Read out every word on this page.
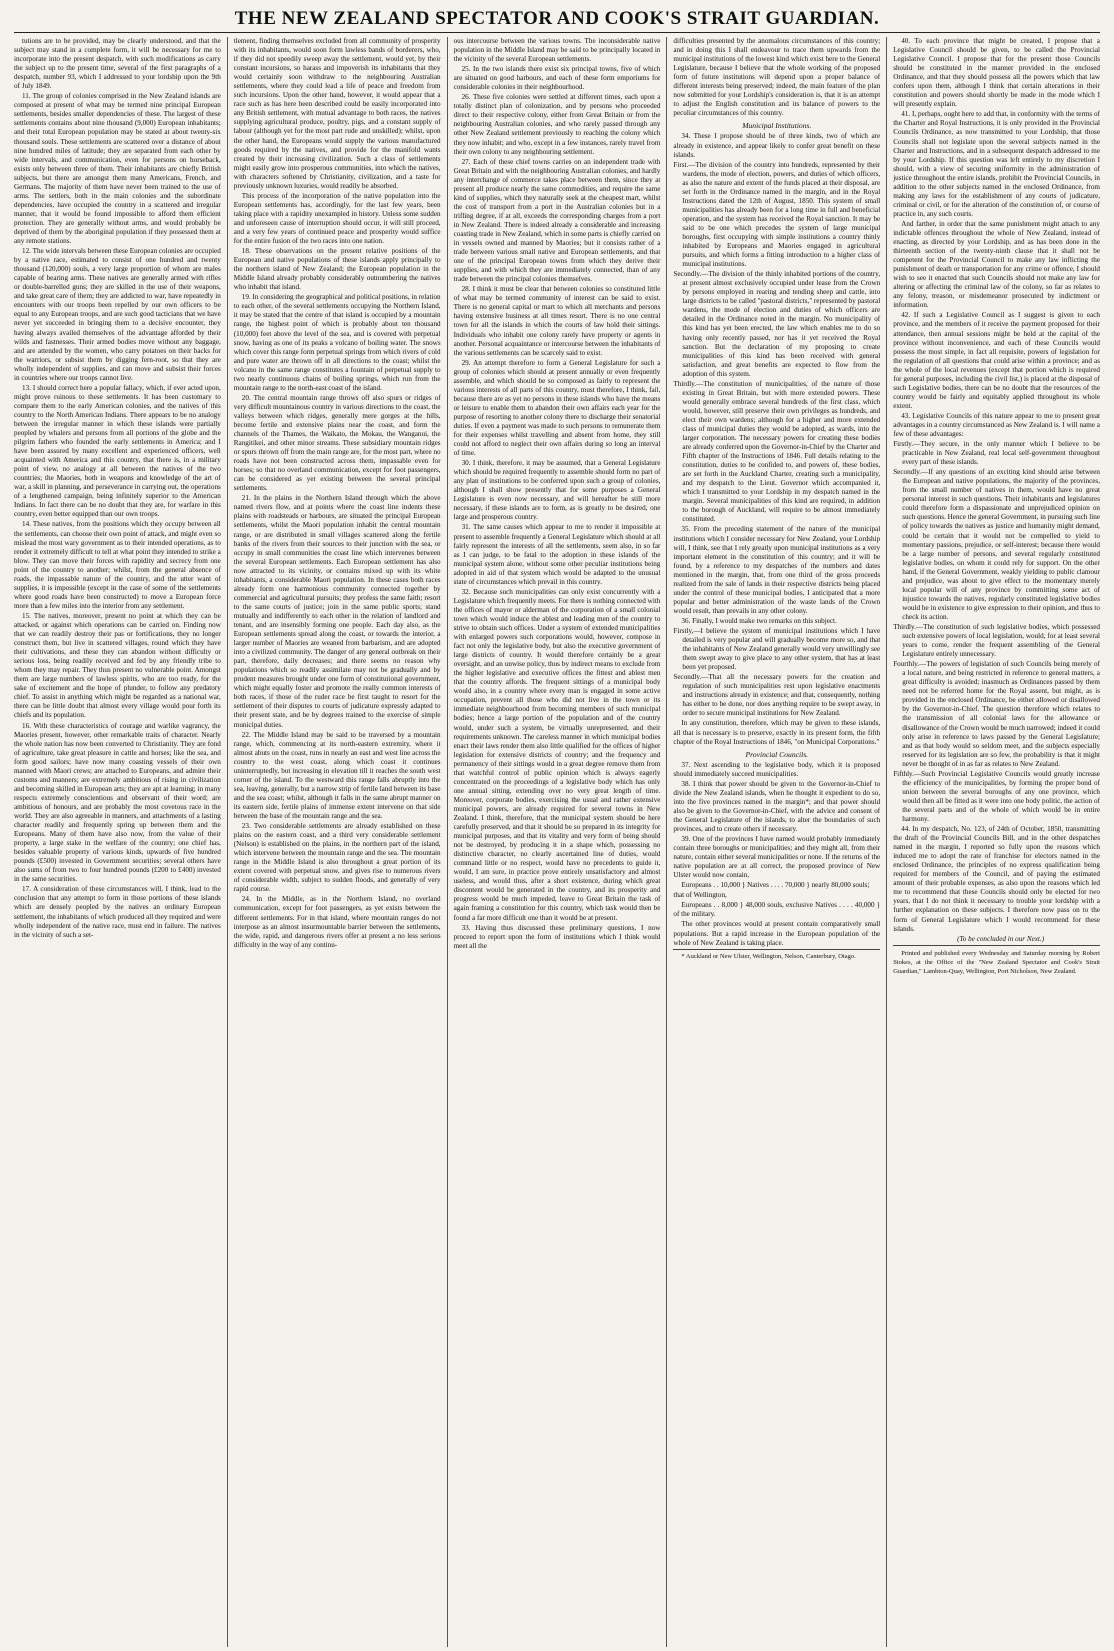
THE NEW ZEALAND SPECTATOR AND COOK'S STRAIT GUARDIAN.

tutions are to be provided, may be clearly understood, and that the subject may stand in a complete form, it will be necessary for me to incorporate into the present despatch, with such modifications as carry the subject up to the present time, several of the first paragraphs of a despatch, number 93, which I addressed to your lordship upon the 9th of July 1849.

11. The group of colonies comprised in the New Zealand islands are composed at present of what may be termed nine principal European settlements, besides smaller dependencies of these. The largest of these settlements contains about nine thousand (9,000) European inhabitants; and their total European population may be stated at about twenty-six thousand souls. These settlements are scattered over a distance of about nine hundred miles of latitude; they are separated from each other by wide intervals, and communication, even for persons on horseback, exists only between three of them. Their inhabitants are chiefly British subjects, but there are amongst them many Americans, French, and Germans. The majority of them have never been trained to the use of arms. The settlers, both in the main colonies and the subordinate dependencies, have occupied the country in a scattered and irregular manner, that it would be found impossible to afford them efficient protection. They are generally without arms, and would probably be deprived of them by the aboriginal population if they possessed them at any remote stations.

12. The wide intervals between these European colonies are occupied by a native race, estimated to consist of one hundred and twenty thousand (120,000) souls, a very large proportion of whom are males capable of bearing arms. These natives are generally armed with rifles or double-barrelled guns; they are skilled in the use of their weapons, and take great care of them; they are addicted to war, have repeatedly in encounters with our troops been repelled by our own officers to be equal to any European troops, and are such good tacticians that we have never yet succeeded in bringing them to a decisive encounter, they having always availed themselves of the advantage afforded by their wilds and fastnesses. Their armed bodies move without any baggage, and are attended by the women, who carry potatoes on their backs for the warriors, or subsist them by digging fern-root, so that they are wholly independent of supplies, and can move and subsist their forces in countries where our troops cannot live.

13. I should correct here a popular fallacy, which, if ever acted upon, might prove ruinous to these settlements. It has been customary to compare them to the early American colonies, and the natives of this country to the North American Indians. There appears to be no analogy between the irregular manner in which these islands were partially peopled by whalers and persons from all portions of the globe and the pilgrim fathers who founded the early settlements in America; and I have been assured by many excellent and experienced officers, well acquainted with America and this country, that there is, in a military point of view, no analogy at all between the natives of the two countries; the Maories, both in weapons and knowledge of the art of war, a skill in planning, and perseverance in carrying out, the operations of a lengthened campaign, being infinitely superior to the American Indians. In fact there can be no doubt that they are, for warfare in this country, even better equipped than our own troops.

14. These natives, from the positions which they occupy between all the settlements, can choose their own point of attack, and might even so mislead the most wary government as to their intended operations, as to render it extremely difficult to tell at what point they intended to strike a blow. They can move their forces with rapidity and secrecy from one point of the country to another; whilst, from the general absence of roads, the impassable nature of the country, and the utter want of supplies, it is impossible (except in the case of some of the settlements where good roads have been constructed) to move a European force more than a few miles into the interior from any settlement.

15. The natives, moreover, present no point at which they can be attacked, or against which operations can be carried on. Finding now that we can readily destroy their pas or fortifications, they no longer construct them, but live in scattered villages, round which they have their cultivations, and these they can abandon without difficulty or serious loss, being readily received and fed by any friendly tribe to whom they may repair. They thus present no vulnerable point. Amongst them are large numbers of lawless spirits, who are too ready, for the sake of excitement and the hope of plunder, to follow any predatory chief. To assist in anything which might be regarded as a national war, there can be little doubt that almost every village would pour forth its chiefs and its population.

16. With these characteristics of courage and warlike vagrancy, the Maories present, however, other remarkable traits of character. Nearly the whole nation has now been converted to Christianity. They are fond of agriculture, take great pleasure in cattle and horses; like the sea, and form good sailors; have now many coasting vessels of their own manned with Maori crews; are attached to Europeans, and admire their customs and manners; are extremely ambitious of rising in civilization and becoming skilled in European arts; they are apt at learning; in many respects extremely conscientious and observant of their word; are ambitious of honours, and are probably the most covetous race in the world. They are also agreeable in manners, and attachments of a lasting character readily and frequently spring up between them and the Europeans. Many of them have also now, from the value of their property, a large stake in the welfare of the country; one chief has, besides valuable property of various kinds, upwards of five hundred pounds (£500) invested in Government securities; several others have also sums of from two to four hundred pounds (£200 to £400) invested in the same securities.

17. A consideration of these circumstances will, I think, lead to the conclusion that any attempt to form in those portions of these islands which are densely peopled by the natives an ordinary European settlement, the inhabitants of which produced all they required and were wholly independent of the native race, must end in failure. The natives in the vicinity of such a set-

tlement, finding themselves excluded from all community of prosperity with its inhabitants, would soon form lawless bands of borderers, who, if they did not speedily sweep away the settlement, would yet, by their constant incursions, so harass and impoverish its inhabitants that they would certainly soon withdraw to the neighbouring Australian settlements, where they could lead a life of peace and freedom from such incursions. Upon the other hand, however, it would appear that a race such as has here been described could be easily incorporated into any British settlement, with mutual advantage to both races, the natives supplying agricultural produce, poultry, pigs, and a constant supply of labour (although yet for the most part rude and unskilled); whilst, upon the other hand, the Europeans would supply the various manufactured goods required by the natives, and provide for the manifold wants created by their increasing civilization. Such a class of settlements might easily grow into prosperous communities, into which the natives, with characters softened by Christianity, civilization, and a taste for previously unknown luxuries, would readily be absorbed.

This process of the incorporation of the native population into the European settlements has, accordingly, for the last few years, been taking place with a rapidity unexampled in history. Unless some sudden and unforeseen cause of interruption should occur, it will still proceed, and a very few years of continued peace and prosperity would suffice for the entire fusion of the two races into one nation.

18. These observations on the present relative positions of the European and native populations of these islands apply principally to the northern island of New Zealand; the European population in the Middle Island already probably considerably outnumbering the natives who inhabit that island.

19. In considering the geographical and political positions, in relation to each other, of the several settlements occupying the Northern Island, it may be stated that the centre of that island is occupied by a mountain range, the highest point of which is probably about ten thousand (10,000) feet above the level of the sea, and is covered with perpetual snow, having as one of its peaks a volcano of boiling water. The snows which cover this range form perpetual springs from which rivers of cold and pure water are thrown off in all directions to the coast; whilst the volcano in the same range constitutes a fountain of perpetual supply to two nearly continuous chains of boiling springs, which run from the mountain range to the north-east coast of the island.

20. The central mountain range throws off also spurs or ridges of very difficult mountainous country in various directions to the coast, the valleys between which ridges, generally mere gorges at the hills, become fertile and extensive plains near the coast, and form the channels of the Thames, the Waikato, the Mokau, the Wanganui, the Rangitikei, and other minor streams. These subsidiary mountain ridges or spurs thrown off from the main range are, for the most part, where no roads have not been constructed across them, impassable even for horses; so that no overland communication, except for foot passengers, can be considered as yet existing between the several principal settlements.

21. In the plains in the Northern Island through which the above named rivers flow, and at points where the coast line indents these plains with roadsteads or harbours, are situated the principal European settlements, whilst the Maori population inhabit the central mountain range, or are distributed in small villages scattered along the fertile banks of the rivers from their sources to their junction with the sea, or occupy in small communities the coast line which intervenes between the several European settlements. Each European settlement has also now attracted to its vicinity, or contains mixed up with its white inhabitants, a considerable Maori population. In these cases both races already form one harmonious community connected together by commercial and agricultural pursuits; they profess the same faith; resort to the same courts of justice; join in the same public sports; stand mutually and indifferently to each other in the relation of landlord and tenant, and are insensibly forming one people. Each day also, as the European settlements spread along the coast, or towards the interior, a larger number of Maories are weaned from barbarism, and are adopted into a civilized community. The danger of any general outbreak on their part, therefore, daily decreases; and there seems no reason why populations which so readily assimilate may not be gradually and by prudent measures brought under one form of constitutional government, which might equally foster and promote the really common interests of both races, if those of the ruder race be first taught to resort for the settlement of their disputes to courts of judicature expressly adapted to their present state, and be by degrees trained to the exercise of simple municipal duties.

22. The Middle Island may be said to be traversed by a mountain range, which, commencing at its north-eastern extremity, where it almost abuts on the coast, runs in nearly an east and west line across the country to the west coast, along which coast it continues uninterruptedly, but increasing in elevation till it reaches the south west corner of the island. To the westward this range falls abruptly into the sea, leaving, generally, but a narrow strip of fertile land between its base and the sea coast; whilst, although it falls in the same abrupt manner on its eastern side, fertile plains of immense extent intervene on that side between the base of the mountain range and the sea.

23. Two considerable settlements are already established on these plains on the eastern coast, and a third very considerable settlement (Nelson) is established on the plains, in the northern part of the island, which intervene between the mountain range and the sea. The mountain range in the Middle Island is also throughout a great portion of its extent covered with perpetual snow, and gives rise to numerous rivers of considerable width, subject to sudden floods, and generally of very rapid course.

24. In the Middle, as in the Northern Island, no overland communication, except for foot passengers, as yet exists between the different settlements. For in that island, where mountain ranges do not interpose as an almost insurmountable barrier between the settlements, the wide, rapid, and dangerous rivers offer at present a no less serious difficulty in the way of any continu-

ous intercourse between the various towns. The inconsiderable native population in the Middle Island may be said to be principally located in the vicinity of the several European settlements.

25. In the two islands there exist six principal towns, five of which are situated on good harbours, and each of these form emporiums for considerable colonies in their neighbourhood.

26. These five colonies were settled at different times, each upon a totally distinct plan of colonization, and by persons who proceeded direct to their respective colony, either from Great Britain or from the neighbouring Australian colonies, and who rarely passed through any other New Zealand settlement previously to reaching the colony which they now inhabit; and who, except in a few instances, rarely travel from their own colony to any neighbouring settlement.

27. Each of these chief towns carries on an independent trade with Great Britain and with the neighbouring Australian colonies, and hardly any interchange of commerce takes place between them, since they at present all produce nearly the same commodities, and require the same kind of supplies, which they naturally seek at the cheapest mart, whilst the cost of transport from a port in the Australian colonies but in a trifling degree, if at all, exceeds the corresponding charges from a port in New Zealand. There is indeed already a considerable and increasing coasting trade in New Zealand, which in some parts is chiefly carried on in vessels owned and manned by Maories; but it consists rather of a trade between various small native and European settlements, and that one of the principal European towns from which they derive their supplies, and with which they are immediately connected, than of any trade between the principal colonies themselves.

28. I think it must be clear that between colonies so constituted little of what may be termed community of interest can be said to exist. There is no general capital or mart to which all merchants and persons having extensive business at all times resort. There is no one central town for all the islands in which the courts of law hold their sittings. Individuals who inhabit one colony rarely have property or agents in another. Personal acquaintance or intercourse between the inhabitants of the various settlements can be scarcely said to exist.

29. An attempt therefore to form a General Legislature for such a group of colonies which should at present annually or even frequently assemble, and which should be so composed as fairly to represent the various interests of all parts of this country, must therefore, I think, fail, because there are as yet no persons in these islands who have the means or leisure to enable them to abandon their own affairs each year for the purpose of resorting to another colony there to discharge their senatorial duties. If even a payment was made to such persons to remunerate them for their expenses whilst travelling and absent from home, they still could not afford to neglect their own affairs during so long an interval of time.

30. I think, therefore, it may be assumed, that a General Legislature which should be required frequently to assemble should form no part of any plan of institutions to be conferred upon such a group of colonies, although I shall show presently that for some purposes a General Legislature is even now necessary, and will hereafter be still more necessary, if these islands are to form, as is greatly to be desired, one large and prosperous country.

31. The same causes which appear to me to render it impossible at present to assemble frequently a General Legislature which should at all fairly represent the interests of all the settlements, seem also, in so far as I can judge, to be fatal to the adoption in these islands of the municipal system alone, without some other peculiar institutions being adopted in aid of that system which would be adapted to the unusual state of circumstances which prevail in this country.

32. Because such municipalities can only exist concurrently with a Legislature which frequently meets. For there is nothing connected with the offices of mayor or alderman of the corporation of a small colonial town which would induce the ablest and leading men of the country to strive to obtain such offices. Under a system of extended municipalities with enlarged powers such corporations would, however, compose in fact not only the legislative body, but also the executive government of large districts of country. It would therefore certainly be a great oversight, and an unwise policy, thus by indirect means to exclude from the higher legislative and executive offices the fittest and ablest men that the country affords. The frequent sittings of a municipal body would also, in a country where every man is engaged in some active occupation, prevent all those who did not live in the town or its immediate neighbourhood from becoming members of such municipal bodies; hence a large portion of the population and of the country would, under such a system, be virtually unrepresented, and their requirements unknown. The careless manner in which municipal bodies enact their laws render them also little qualified for the offices of higher legislation for extensive districts of country; and the frequency and permanency of their sittings would in a great degree remove them from that watchful control of public opinion which is always eagerly concentrated on the proceedings of a legislative body which has only one annual sitting, extending over no very great length of time. Moreover, corporate bodies, exercising the usual and rather extensive municipal powers, are already required for several towns in New Zealand. I think, therefore, that the municipal system should be here carefully preserved, and that it should be so prepared in its integrity for municipal purposes, and that its vitality and very form of being should not be destroyed, by producing it in a shape which, possessing no distinctive character, no clearly ascertained line of duties, would command little or no respect, would have no precedents to guide it, would, I am sure, in practice prove entirely unsatisfactory and almost useless, and would thus, after a short existence, during which great discontent would be generated in the country, and its prosperity and progress would be much impeded, leave to Great Britain the task of again framing a constitution for this country, which task would then be found a far more difficult one than it would be at present.

33. Having thus discussed these preliminary questions, I now proceed to report upon the form of institutions which I think would meet all the

difficulties presented by the anomalous circumstances of this country; and in doing this I shall endeavour to trace them upwards from the municipal institutions of the lowest kind which exist here to the General Legislature, because I believe that the whole working of the proposed form of future institutions will depend upon a proper balance of different interests being preserved; indeed, the main feature of the plan now submitted for your Lordship's consideration is, that it is an attempt to adjust the English constitution and its balance of powers to the peculiar circumstances of this country.

Municipal Institutions.

34. These I propose should be of three kinds, two of which are already in existence, and appear likely to confer great benefit on these islands.

First.—The division of the country into hundreds, represented by their wardens, the mode of election, powers, and duties of which officers, as also the nature and extent of the funds placed at their disposal, are set forth in the Ordinance named in the margin, and in the Royal Instructions dated the 12th of August, 1850. This system of small municipalities has already been for a long time in full and beneficial operation, and the system has received the Royal sanction. It may be said to be one which precedes the system of large municipal boroughs, first occupying with simple institutions a country thinly inhabited by Europeans and Maories engaged in agricultural pursuits, and which forms a fitting introduction to a higher class of municipal institutions.

Secondly.—The division of the thinly inhabited portions of the country, at present almost exclusively occupied under lease from the Crown by persons employed in rearing and tending sheep and cattle, into large districts to be called "pastoral districts," represented by pastoral wardens, the mode of election and duties of which officers are detailed in the Ordinance noted in the margin. No municipality of this kind has yet been erected, the law which enables me to do so having only recently passed, nor has it yet received the Royal sanction. But the declaration of my proposing to create municipalities of this kind has been received with general satisfaction, and great benefits are expected to flow from the adoption of this system.

Thirdly.—The constitution of municipalities, of the nature of those existing in Great Britain, but with more extended powers. These would generally embrace several hundreds of the first class, which would, however, still preserve their own privileges as hundreds, and elect their own wardens; although for a higher and more extended class of municipal duties they would be adopted, as wards, into the larger corporation. The necessary powers for creating these bodies are already conferred upon the Governor-in-Chief by the Charter and Fifth chapter of the Instructions of 1846. Full details relating to the constitution, duties to be confided to, and powers of, these bodies, are set forth in the Auckland Charter, creating such a municipality, and my despatch to the Lieut. Governor which accompanied it, which I transmitted to your Lordship in my despatch named in the margin. Several municipalities of this kind are required, in addition to the borough of Auckland, will require to be almost immediately constituted.

35. From the preceding statement of the nature of the municipal institutions which I consider necessary for New Zealand, your Lordship will, I think, see that I rely greatly upon municipal institutions as a very important element in the constitution of this country; and it will be found, by a reference to my despatches of the numbers and dates mentioned in the margin, that, from one third of the gross proceeds realized from the sale of lands in their respective districts being placed under the control of these municipal bodies, I anticipated that a more popular and better administration of the waste lands of the Crown would result, than prevails in any other colony.

36. Finally, I would make two remarks on this subject.

Firstly,—I believe the system of municipal institutions which I have detailed is very popular and will gradually become more so, and that the inhabitants of New Zealand generally would very unwillingly see them swept away to give place to any other system, that has at least been yet proposed.

Secondly.—That all the necessary powers for the creation and regulation of such municipalities rest upon legislative enactments and instructions already in existence; and that, consequently, nothing has either to be done, nor does anything require to be swept away, in order to secure municipal institutions for New Zealand.

In any constitution, therefore, which may be given to these islands, all that is necessary is to preserve, exactly in its present form, the fifth chapter of the Royal Instructions of 1846, "on Municipal Corporations."

Provincial Councils.

37. Next ascending to the legislative body, which it is proposed should immediately succeed municipalities.

38. I think that power should be given to the Governor-in-Chief to divide the New Zealand islands, when he thought it expedient to do so, into the five provinces named in the margin*; and that power should also be given to the Governor-in-Chief, with the advice and consent of the General Legislature of the islands, to alter the boundaries of such provinces, and to create others if necessary.

39. One of the provinces I have named would probably immediately contain three boroughs or municipalities; and they might all, from their nature, contain either several municipalities or none. If the returns of the native population are at all correct, the proposed province of New Ulster would now contain,

Europeans . . 10,000 } Natives . . . . 70,000 } nearly 80,000 souls;

that of Wellington,

Europeans . . 8,000 } 48,000 souls, exclusive Natives . . . . 40,000 } of the military.

The other provinces would at present contain comparatively small populations. But a rapid increase in the European population of the whole of New Zealand is taking place.

* Auckland or New Ulster, Wellington, Nelson, Canterbury, Otago.

40. To each province that might be created, I propose that a Legislative Council should be given, to be called the Provincial Legislative Council. I propose that for the present those Councils should be constituted in the manner provided in the enclosed Ordinance, and that they should possess all the powers which that law confers upon them, although I think that certain alterations in their constitution and powers should shortly be made in the mode which I will presently explain.

41. I, perhaps, ought here to add that, in conformity with the terms of the Charter and Royal Instructions, it is only provided in the Provincial Councils Ordinance, as now transmitted to your Lordship, that those Councils shall not legislate upon the several subjects named in the Charter and Instructions, and in a subsequent despatch addressed to me by your Lordship. If this question was left entirely to my discretion I should, with a view of securing uniformity in the administration of justice throughout the entire islands, prohibit the Provincial Councils, in addition to the other subjects named in the enclosed Ordinance, from making any laws for the establishment of any courts of judicature, criminal or civil, or for the alteration of the constitution of, or course of practice in, any such courts.

And farther, in order that the same punishment might attach to any indictable offences throughout the whole of New Zealand, instead of enacting, as directed by your Lordship, and as has been done in the thirteenth section of the twenty-ninth clause that it shall not be competent for the Provincial Council to make any law inflicting the punishment of death or transportation for any crime or offence, I should wish to see it enacted that such Councils should not make any law for altering or affecting the criminal law of the colony, so far as relates to any felony, treason, or misdemeanor prosecuted by indictment or information.

42. If such a Legislative Council as I suggest is given to each province, and the members of it receive the payment proposed for their attendance, then annual sessions might be held at the capital of the province without inconvenience, and each of these Councils would possess the most simple, in fact all requisite, powers of legislation for the regulation of all questions that could arise within a province; and as the whole of the local revenues (except that portion which is required for general purposes, including the civil list,) is placed at the disposal of such Legislative bodies, there can be no doubt that the resources of the country would be fairly and equitably applied throughout its whole extent.

43. Legislative Councils of this nature appear to me to present great advantages in a country circumstanced as New Zealand is. I will name a few of these advantages:

Firstly.—They secure, in the only manner which I believe to be practicable in New Zealand, real local self-government throughout every part of these islands.

Secondly.—If any questions of an exciting kind should arise between the European and native populations, the majority of the provinces, from the small number of natives in them, would have no great personal interest in such questions. Their inhabitants and legislatures could therefore form a dispassionate and unprejudiced opinion on such questions. Hence the general Government, in pursuing such line of policy towards the natives as justice and humanity might demand, could be certain that it would not be compelled to yield to momentary passions, prejudice, or self-interest; because there would be a large number of persons, and several regularly constituted legislative bodies, on whom it could rely for support. On the other hand, if the General Government, weakly yielding to public clamour and prejudice, was about to give effect to the momentary merely local popular will of any province by committing some act of injustice towards the natives, regularly constituted legislative bodies would be in existence to give expression to their opinion, and thus to check its action.

Thirdly.—The constitution of such legislative bodies, which possessed such extensive powers of local legislation, would, for at least several years to come, render the frequent assembling of the General Legislature entirely unnecessary.

Fourthly.—The powers of legislation of such Councils being merely of a local nature, and being restricted in reference to general matters, a great difficulty is avoided; inasmuch as Ordinances passed by them need not be referred home for the Royal assent, but might, as is provided in the enclosed Ordinance, be either allowed or disallowed by the Governor-in-Chief. The question therefore which relates to the transmission of all colonial laws for the allowance or disallowance of the Crown would be much narrowed; indeed it could only arise in reference to laws passed by the General Legislature; and as that body would so seldom meet, and the subjects especially reserved for its legislation are so few, the probability is that it might never be thought of in as far as relates to New Zealand.

Fifthly.—Such Provincial Legislative Councils would greatly increase the efficiency of the municipalities, by forming the proper bond of union between the several boroughs of any one province, which would then all be fitted as it were into one body politic, the action of the several parts and of the whole of which would be in entire harmony.

44. In my despatch, No. 123, of 24th of October, 1850, transmitting the draft of the Provincial Councils Bill, and in the other despatches named in the margin, I reported so fully upon the reasons which induced me to adopt the rate of franchise for electors named in the enclosed Ordinance, the principles of no express qualification being required for members of the Council, and of paying the estimated amount of their probable expenses, as also upon the reasons which led me to recommend that these Councils should only be elected for two years, that I do not think it necessary to trouble your lordship with a further explanation on these subjects. I therefore now pass on to the form of General Legislature which I would recommend for these islands.

(To be concluded in our Next.)

Printed and published every Wednesday and Saturday morning by Robert Stokes, at the Office of the "New Zealand Spectator and Cook's Strait Guardian," Lambton-Quay, Wellington, Port Nicholson, New Zealand.
